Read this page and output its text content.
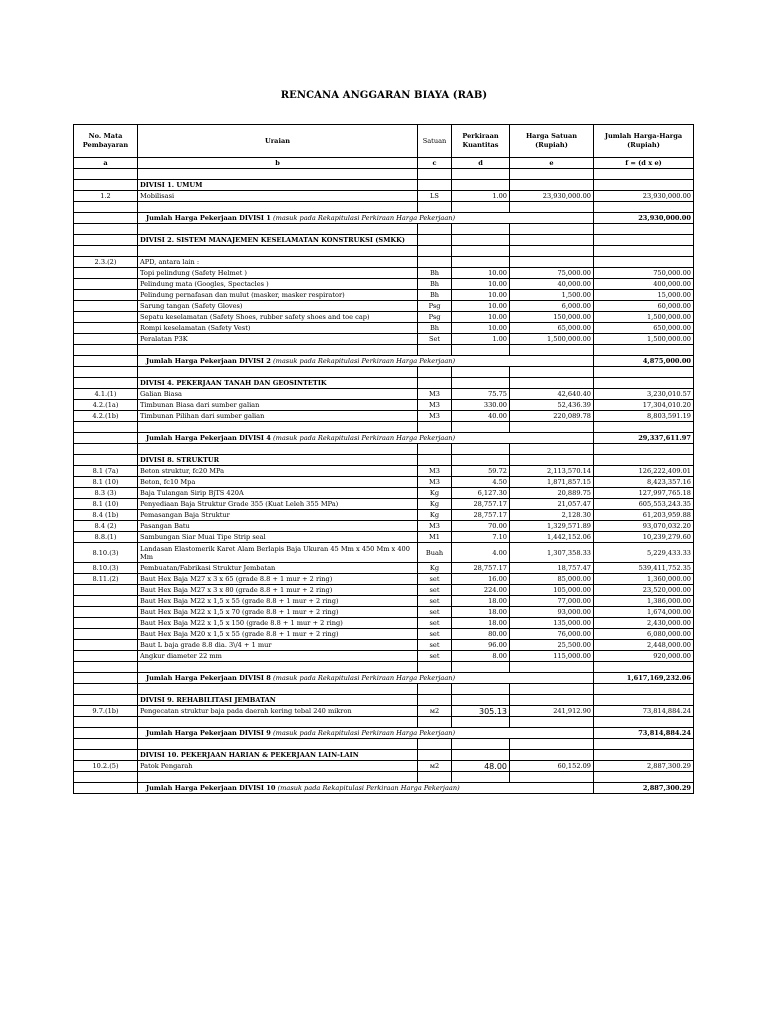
RENCANA ANGGARAN BIAYA (RAB)
No. Mata Pembayaran	Uraian	Satuan	Perkiraan Kuantitas	Harga Satuan (Rupiah)	Jumlah Harga-Harga (Rupiah)
a	b	c	d	e	f = (d x e)

	DIVISI 1. UMUM				
1.2	Mobilisasi	LS	1.00	23,930,000.00	23,930,000.00

	Jumlah Harga Pekerjaan DIVISI 1 (masuk pada Rekapitulasi Perkiraan Harga Pekerjaan)				23,930,000.00

	DIVISI 2. SISTEM MANAJEMEN KESELAMATAN KONSTRUKSI (SMKK)				

2.3.(2)	APD, antara lain :				
	Topi pelindung (Safety Helmet )	Bh	10.00	75,000.00	750,000.00
	Pelindung mata (Googles, Spectacles )	Bh	10.00	40,000.00	400,000.00
	Pelindung pernafasan dan mulut (masker, masker respirator)	Bh	10.00	1,500.00	15,000.00
	Sarung tangan (Safety Gloves)	Psg	10.00	6,000.00	60,000.00
	Sepatu keselamatan (Safety Shoes, rubber safety shoes and toe cap)	Psg	10.00	150,000.00	1,500,000.00
	Rompi keselamatan (Safety Vest)	Bh	10.00	65,000.00	650,000.00
	Peralatan P3K	Set	1.00	1,500,000.00	1,500,000.00

	Jumlah Harga Pekerjaan DIVISI 2 (masuk pada Rekapitulasi Perkiraan Harga Pekerjaan)				4,875,000.00

	DIVISI 4. PEKERJAAN TANAH DAN GEOSINTETIK				
4.1.(1)	Galian Biasa	M3	75.75	42,640.40	3,230,010.57
4.2.(1a)	Timbunan Biasa dari sumber galian	M3	330.00	52,436.39	17,304,010.20
4.2.(1b)	Timbunan Pilihan dari sumber galian	M3	40.00	220,089.78	8,803,591.19

	Jumlah Harga Pekerjaan DIVISI 4 (masuk pada Rekapitulasi Perkiraan Harga Pekerjaan)				29,337,611.97

	DIVISI 8. STRUKTUR				
8.1 (7a)	Beton struktur, fc20 MPa	M3	59.72	2,113,570.14	126,222,409.01
8.1 (10)	Beton, fc10 Mpa	M3	4.50	1,871,857.15	8,423,357.16
8.3 (3)	Baja Tulangan Sirip BjTS 420A	Kg	6,127.30	20,889.75	127,997,765.18
8.1 (10)	Penyediaan Baja Struktur Grade 355 (Kuat Leleh 355 MPa)	Kg	28,757.17	21,057.47	605,553,243.35
8.4 (1b)	Pemasangan Baja Struktur	Kg	28,757.17	2,128.30	61,203,959.88
8.4 (2)	Pasangan Batu	M3	70.00	1,329,571.89	93,070,032.20
8.8.(1)	Sambungan Siar Muai Tipe Strip seal	M1	7.10	1,442,152.06	10,239,279.60
8.10.(3)	Landasan Elastomerik Karet Alam Berlapis Baja Ukuran 45 Mm x 450 Mm x 400 Mm	Buah	4.00	1,307,358.33	5,229,433.33
8.10.(3)	Pembuatan/Fabrikasi Struktur Jembatan	Kg	28,757.17	18,757.47	539,411,752.35
8.11.(2)	Baut Hex Baja M27 x 3 x 65 (grade 8.8 + 1 mur + 2 ring)	set	16.00	85,000.00	1,360,000.00
	Baut Hex Baja M27 x 3 x 80 (grade 8.8 + 1 mur + 2 ring)	set	224.00	105,000.00	23,520,000.00
	Baut Hex Baja M22 x 1,5 x 55 (grade 8.8 + 1 mur + 2 ring)	set	18.00	77,000.00	1,386,000.00
	Baut Hex Baja M22 x 1,5 x 70 (grade 8.8 + 1 mur + 2 ring)	set	18.00	93,000.00	1,674,000.00
	Baut Hex Baja M22 x 1,5 x 150 (grade 8.8 + 1 mur + 2 ring)	set	18.00	135,000.00	2,430,000.00
	Baut Hex Baja M20 x 1,5 x 55 (grade 8.8 + 1 mur + 2 ring)	set	80.00	76,000.00	6,080,000.00
	Baut L baja grade 8.8 dia. 3\/4 + 1 mur	set	96.00	25,500.00	2,448,000.00
	Angkur diameter 22 mm	set	8.00	115,000.00	920,000.00

	Jumlah Harga Pekerjaan DIVISI 8 (masuk pada Rekapitulasi Perkiraan Harga Pekerjaan)				1,617,169,232.06

	DIVISI 9. REHABILITASI JEMBATAN				
9.7.(1b)	Pengecatan struktur baja pada daerah kering tebal 240 mikron	м2	305.13	241,912.90	73,814,884.24

	Jumlah Harga Pekerjaan DIVISI 9 (masuk pada Rekapitulasi Perkiraan Harga Pekerjaan)				73,814,884.24

	DIVISI 10. PEKERJAAN HARIAN & PEKERJAAN LAIN-LAIN				
10.2.(5)	Patok Pengarah	м2	48.00	60,152.09	2,887,300.29

	Jumlah Harga Pekerjaan DIVISI 10 (masuk pada Rekapitulasi Perkiraan Harga Pekerjaan)				2,887,300.29
